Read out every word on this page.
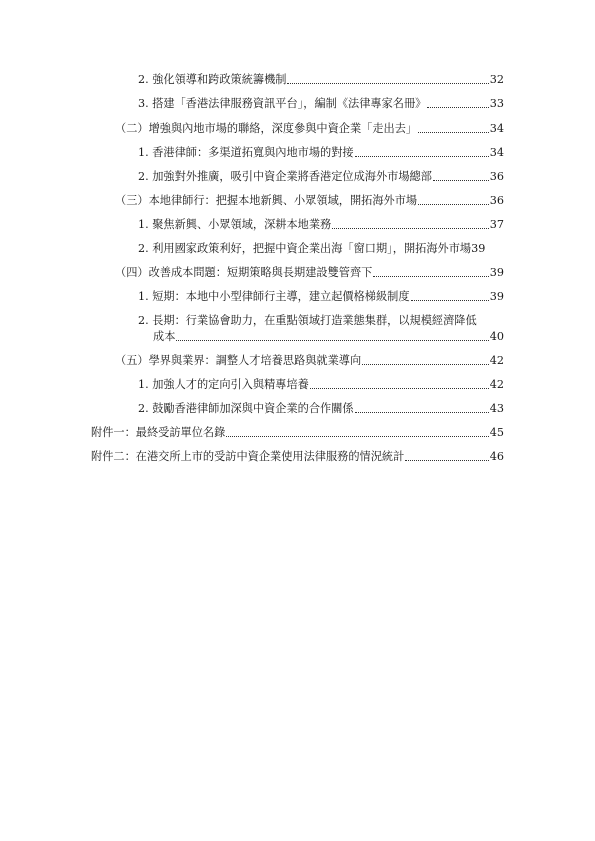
2. 強化領導和跨政策統籌機制	32
3. 搭建「香港法律服務資訊平台」，編制《法律專家名冊》	33
（二）增強與內地市場的聯絡，深度參與中資企業「走出去」	34
1. 香港律師：多渠道拓寬與內地市場的對接	34
2. 加強對外推廣，吸引中資企業將香港定位成海外市場總部	36
（三）本地律師行：把握本地新興、小眾領域，開拓海外市場	36
1. 聚焦新興、小眾領域，深耕本地業務	37
2. 利用國家政策利好，把握中資企業出海「窗口期」，開拓海外市場 39
（四）改善成本問題：短期策略與長期建設雙管齊下	39
1. 短期：本地中小型律師行主導，建立起價格梯級制度	39
2. 長期：行業協會助力，在重點領域打造業態集群，以規模經濟降低
成本	40
（五）學界與業界：調整人才培養思路與就業導向	42
1. 加強人才的定向引入與精專培養	42
2. 鼓勵香港律師加深與中資企業的合作關係	43
附件一：最終受訪單位名錄	45
附件二：在港交所上市的受訪中資企業使用法律服務的情況統計	46
